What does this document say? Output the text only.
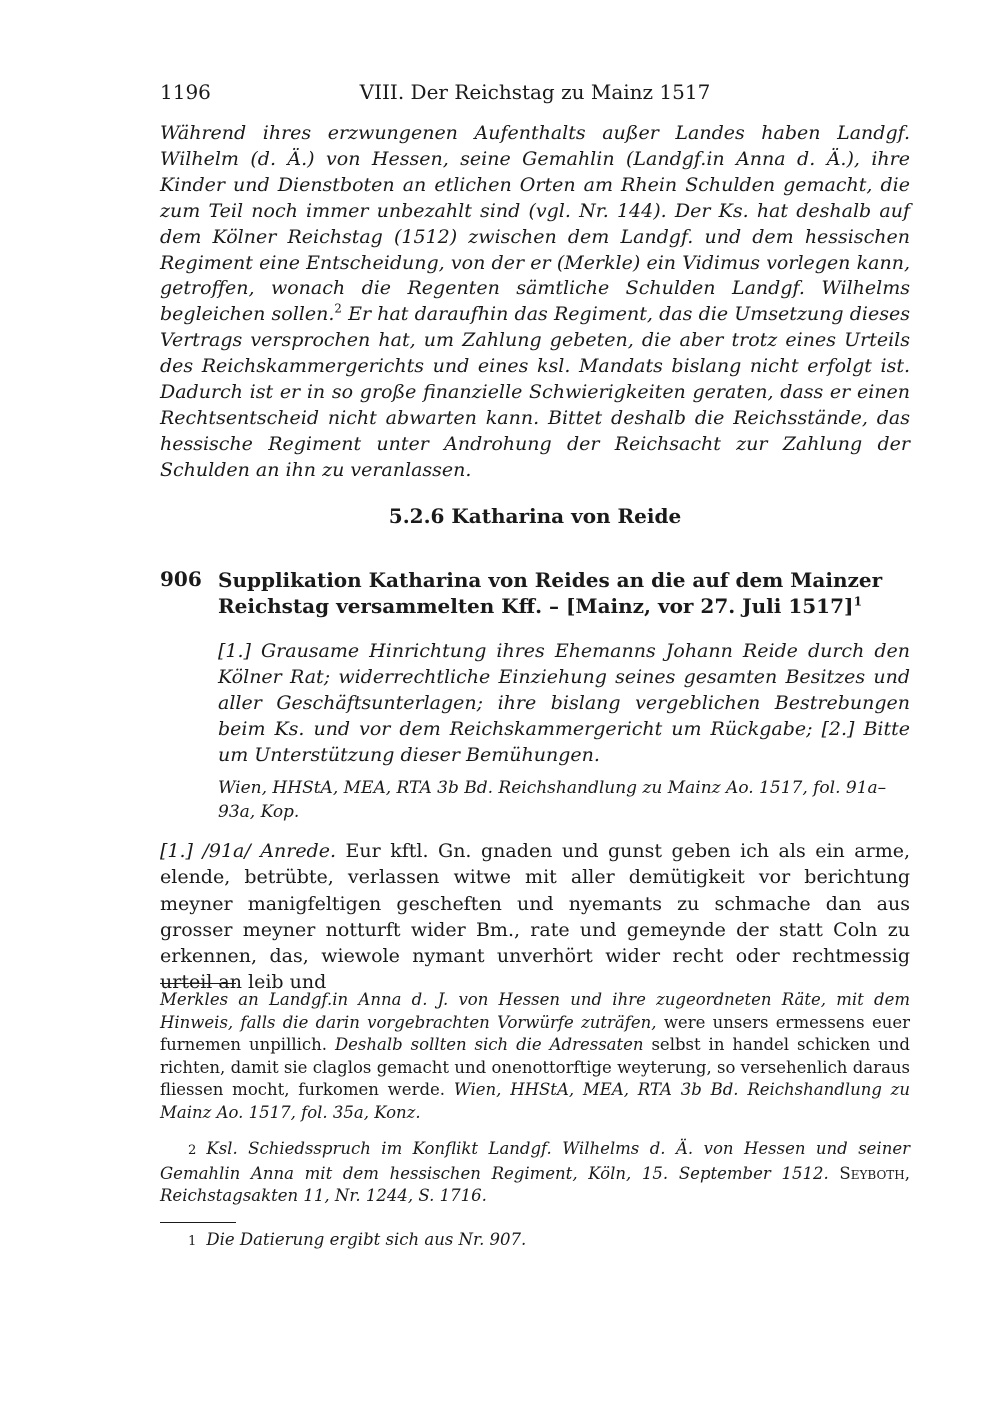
1196	VIII. Der Reichstag zu Mainz 1517

Während ihres erzwungenen Aufenthalts außer Landes haben Landgf. Wilhelm (d. Ä.) von Hessen, seine Gemahlin (Landgf.in Anna d. Ä.), ihre Kinder und Dienstboten an etlichen Orten am Rhein Schulden gemacht, die zum Teil noch immer unbezahlt sind (vgl. Nr. 144). Der Ks. hat deshalb auf dem Kölner Reichstag (1512) zwischen dem Landgf. und dem hessischen Regiment eine Entscheidung, von der er (Merkle) ein Vidimus vorlegen kann, getroffen, wonach die Regenten sämtliche Schulden Landgf. Wilhelms begleichen sollen.$^2$ Er hat daraufhin das Regiment, das die Umsetzung dieses Vertrags versprochen hat, um Zahlung gebeten, die aber trotz eines Urteils des Reichskammergerichts und eines ksl. Mandats bislang nicht erfolgt ist. Dadurch ist er in so große finanzielle Schwierigkeiten geraten, dass er einen Rechtsentscheid nicht abwarten kann. Bittet deshalb die Reichsstände, das hessische Regiment unter Androhung der Reichsacht zur Zahlung der Schulden an ihn zu veranlassen.

5.2.6 Katharina von Reide
906 Supplikation Katharina von Reides an die auf dem Mainzer Reichstag versammelten Kff. – [Mainz, vor 27. Juli 1517]$^1$

[1.] Grausame Hinrichtung ihres Ehemanns Johann Reide durch den Kölner Rat; widerrechtliche Einziehung seines gesamten Besitzes und aller Geschäftsunterlagen; ihre bislang vergeblichen Bestrebungen beim Ks. und vor dem Reichskammergericht um Rückgabe; [2.] Bitte um Unterstützung dieser Bemühungen.

Wien, HHStA, MEA, RTA 3b Bd. Reichshandlung zu Mainz Ao. 1517, fol. 91a–93a, Kop.

[1.] /91a/ Anrede. Eur kftl. Gn. gnaden und gunst geben ich als ein arme, elende, betrübte, verlassen witwe mit aller demütigkeit vor berichtung meyner manigfeltigen gescheften und nyemants zu schmache dan aus grosser meyner notturft wider Bm., rate und gemeynde der statt Coln zu erkennen, das, wiewole nymant unverhört wider recht oder rechtmessig urteil an leib und

Merkles an Landgf.in Anna d. J. von Hessen und ihre zugeordneten Räte, mit dem Hinweis, falls die darin vorgebrachten Vorwürfe zuträfen, were unsers ermessens euer furnemen unpillich. Deshalb sollten sich die Adressaten selbst in handel schicken und richten, damit sie claglos gemacht und onenottorftige weyterung, so versehenlich daraus fliessen mocht, furkomen werde. Wien, HHStA, MEA, RTA 3b Bd. Reichshandlung zu Mainz Ao. 1517, fol. 35a, Konz.

2 Ksl. Schiedsspruch im Konflikt Landgf. Wilhelms d. Ä. von Hessen und seiner Gemahlin Anna mit dem hessischen Regiment, Köln, 15. September 1512. Seyboth, Reichstagsakten 11, Nr. 1244, S. 1716.

1 Die Datierung ergibt sich aus Nr. 907.
